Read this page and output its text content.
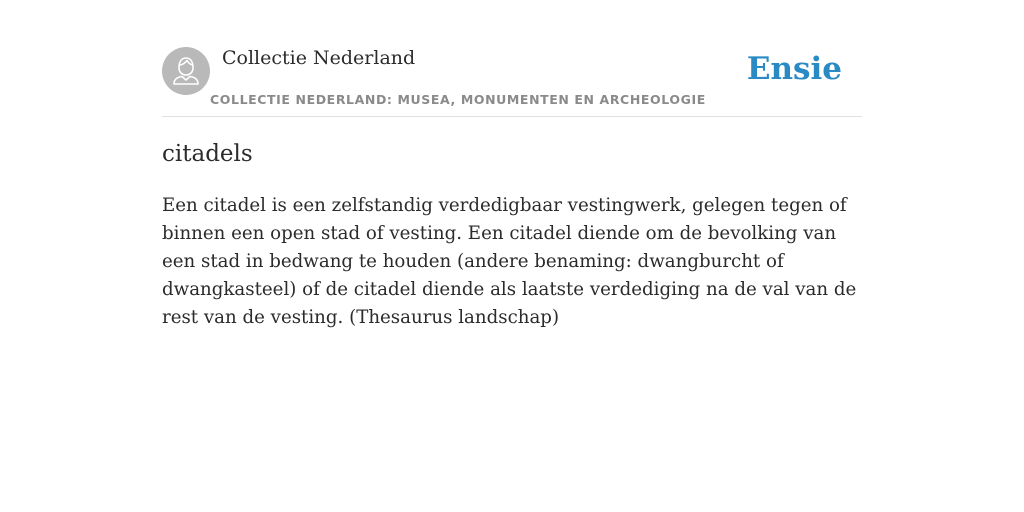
Collectie Nederland
COLLECTIE NEDERLAND: MUSEA, MONUMENTEN EN ARCHEOLOGIE
Ensie
citadels

Een citadel is een zelfstandig verdedigbaar vestingwerk, gelegen tegen of binnen een open stad of vesting. Een citadel diende om de bevolking van een stad in bedwang te houden (andere benaming: dwangburcht of dwangkasteel) of de citadel diende als laatste verdediging na de val van de rest van de vesting. (Thesaurus landschap)
